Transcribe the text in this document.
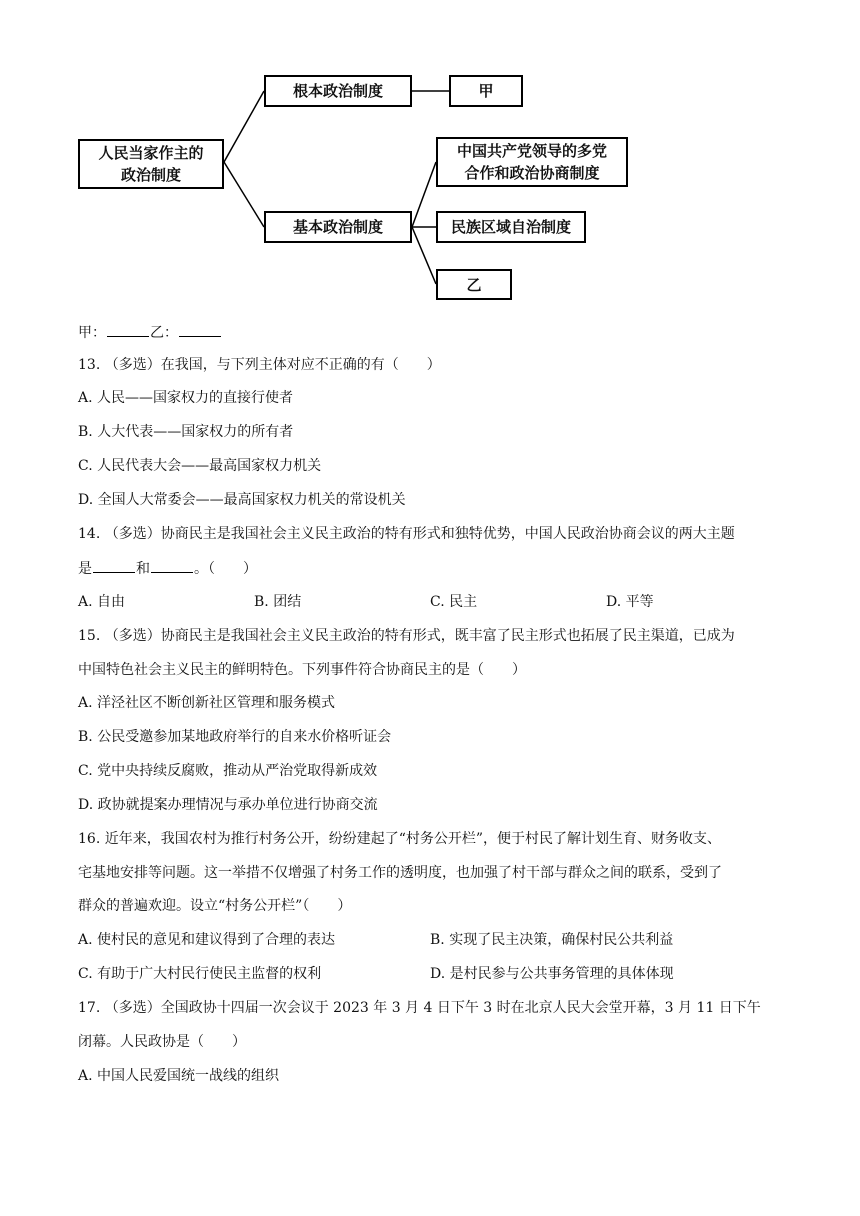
人民当家作主的
政治制度
根本政治制度	甲
基本政治制度
中国共产党领导的多党
合作和政治协商制度
民族区域自治制度
乙
甲：	乙：
13. （多选）在我国，与下列主体对应不正确的有（　　）
A. 人民——国家权力的直接行使者
B. 人大代表——国家权力的所有者
C. 人民代表大会——最高国家权力机关
D. 全国人大常委会——最高国家权力机关的常设机关
14. （多选）协商民主是我国社会主义民主政治的特有形式和独特优势，中国人民政治协商会议的两大主题
是	和	。（　　）
A. 自由	B. 团结	C. 民主	D. 平等
15. （多选）协商民主是我国社会主义民主政治的特有形式，既丰富了民主形式也拓展了民主渠道，已成为
中国特色社会主义民主的鲜明特色。下列事件符合协商民主的是（　　）
A. 洋泾社区不断创新社区管理和服务模式
B. 公民受邀参加某地政府举行的自来水价格听证会
C. 党中央持续反腐败，推动从严治党取得新成效
D. 政协就提案办理情况与承办单位进行协商交流
16. 近年来，我国农村为推行村务公开，纷纷建起了“村务公开栏”，便于村民了解计划生育、财务收支、
宅基地安排等问题。这一举措不仅增强了村务工作的透明度，也加强了村干部与群众之间的联系，受到了
群众的普遍欢迎。设立“村务公开栏”（　　）
A. 使村民的意见和建议得到了合理的表达	B. 实现了民主决策，确保村民公共利益
C. 有助于广大村民行使民主监督的权利	D. 是村民参与公共事务管理的具体体现
17. （多选）全国政协十四届一次会议于 2023 年 3 月 4 日下午 3 时在北京人民大会堂开幕，3 月 11 日下午
闭幕。人民政协是（　　）
A. 中国人民爱国统一战线的组织
